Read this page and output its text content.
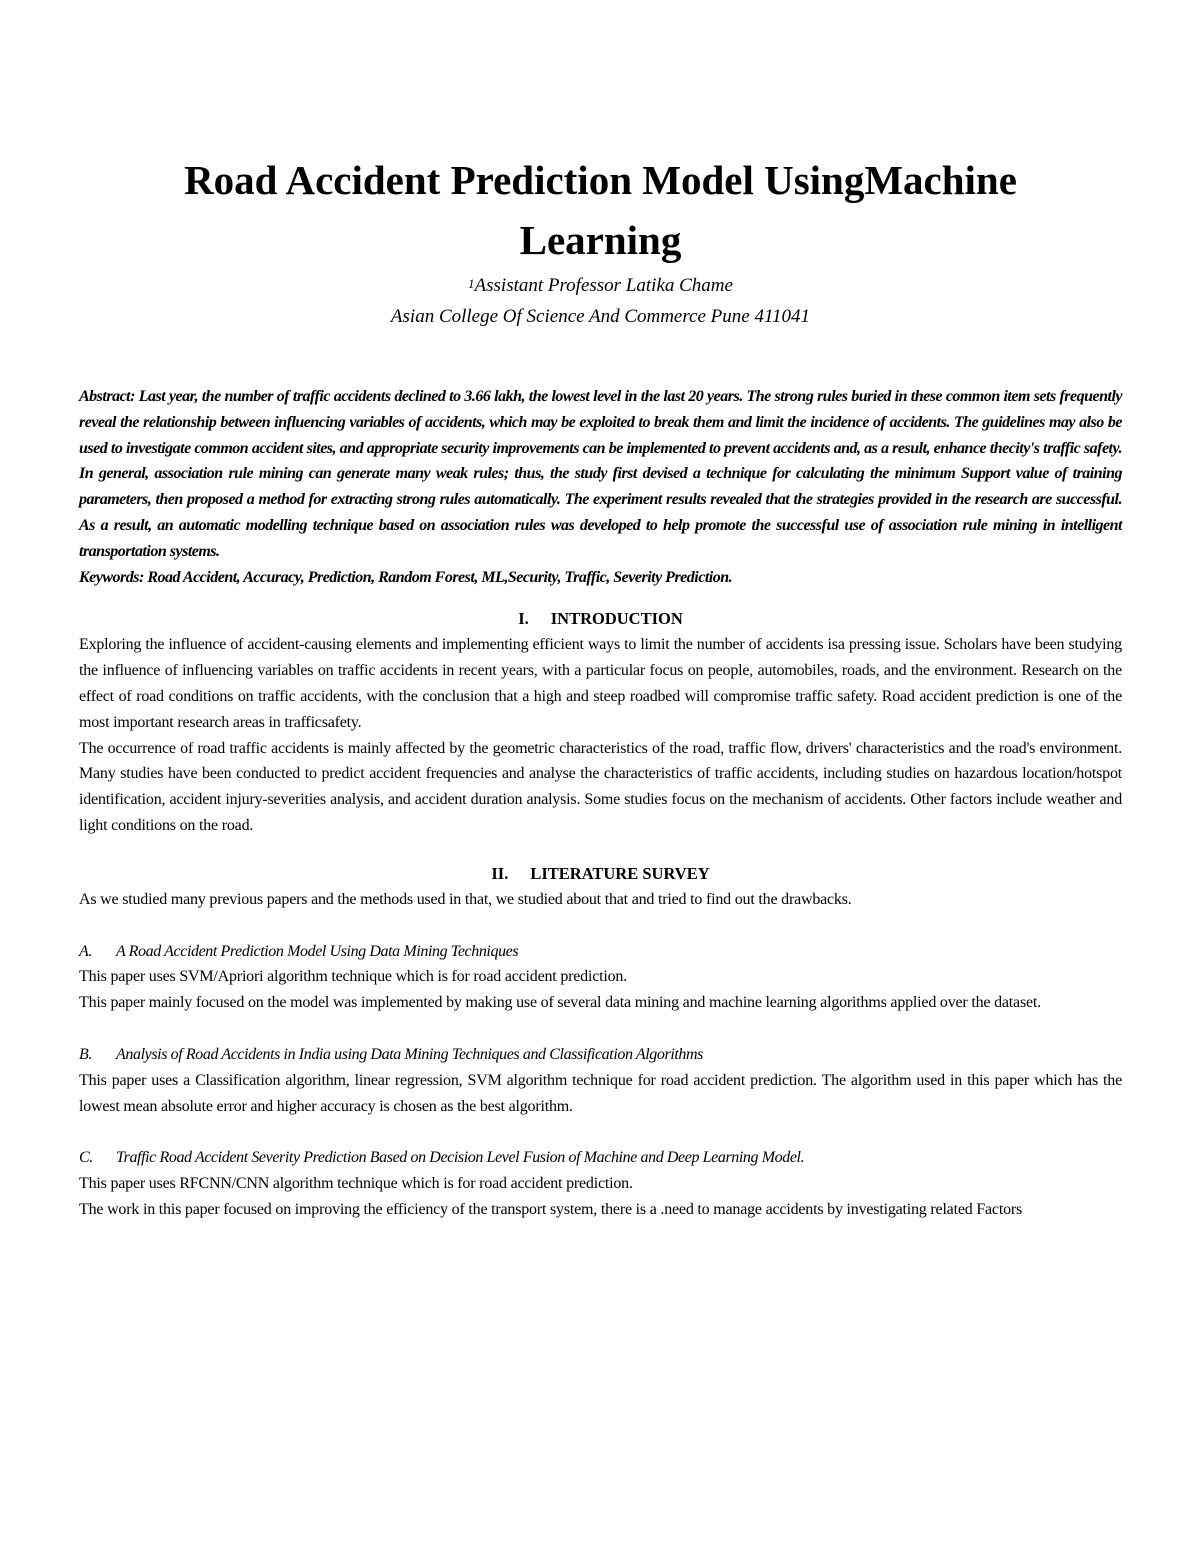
Road Accident Prediction Model UsingMachine Learning

$^1$Assistant Professor Latika Chame

Asian College Of Science And Commerce Pune 411041

Abstract: Last year, the number of traffic accidents declined to 3.66 lakh, the lowest level in the last 20 years. The strong rules buried in these common item sets frequently reveal the relationship between influencing variables of accidents, which may be exploited to break them and limit the incidence of accidents. The guidelines may also be used to investigate common accident sites, and appropriate security improvements can be implemented to prevent accidents and, as a result, enhance thecity's traffic safety. In general, association rule mining can generate many weak rules; thus, the study first devised a technique for calculating the minimum Support value of training parameters, then proposed a method for extracting strong rules automatically. The experiment results revealed that the strategies provided in the research are successful. As a result, an automatic modelling technique based on association rules was developed to help promote the successful use of association rule mining in intelligent transportation systems.

Keywords: Road Accident, Accuracy, Prediction, Random Forest, ML,Security, Traffic, Severity Prediction.

I. INTRODUCTION

Exploring the influence of accident-causing elements and implementing efficient ways to limit the number of accidents isa pressing issue. Scholars have been studying the influence of influencing variables on traffic accidents in recent years, with a particular focus on people, automobiles, roads, and the environment. Research on the effect of road conditions on traffic accidents, with the conclusion that a high and steep roadbed will compromise traffic safety. Road accident prediction is one of the most important research areas in trafficsafety.

The occurrence of road traffic accidents is mainly affected by the geometric characteristics of the road, traffic flow, drivers' characteristics and the road's environment. Many studies have been conducted to predict accident frequencies and analyse the characteristics of traffic accidents, including studies on hazardous location/hotspot identification, accident injury-severities analysis, and accident duration analysis. Some studies focus on the mechanism of accidents. Other factors include weather and light conditions on the road.

II. LITERATURE SURVEY

As we studied many previous papers and the methods used in that, we studied about that and tried to find out the drawbacks.

A. A Road Accident Prediction Model Using Data Mining Techniques

This paper uses SVM/Apriori algorithm technique which is for road accident prediction.

This paper mainly focused on the model was implemented by making use of several data mining and machine learning algorithms applied over the dataset.

B. Analysis of Road Accidents in India using Data Mining Techniques and Classification Algorithms

This paper uses a Classification algorithm, linear regression, SVM algorithm technique for road accident prediction. The algorithm used in this paper which has the lowest mean absolute error and higher accuracy is chosen as the best algorithm.

C. Traffic Road Accident Severity Prediction Based on Decision Level Fusion of Machine and Deep Learning Model.

This paper uses RFCNN/CNN algorithm technique which is for road accident prediction.

The work in this paper focused on improving the efficiency of the transport system, there is a .need to manage accidents by investigating related Factors
